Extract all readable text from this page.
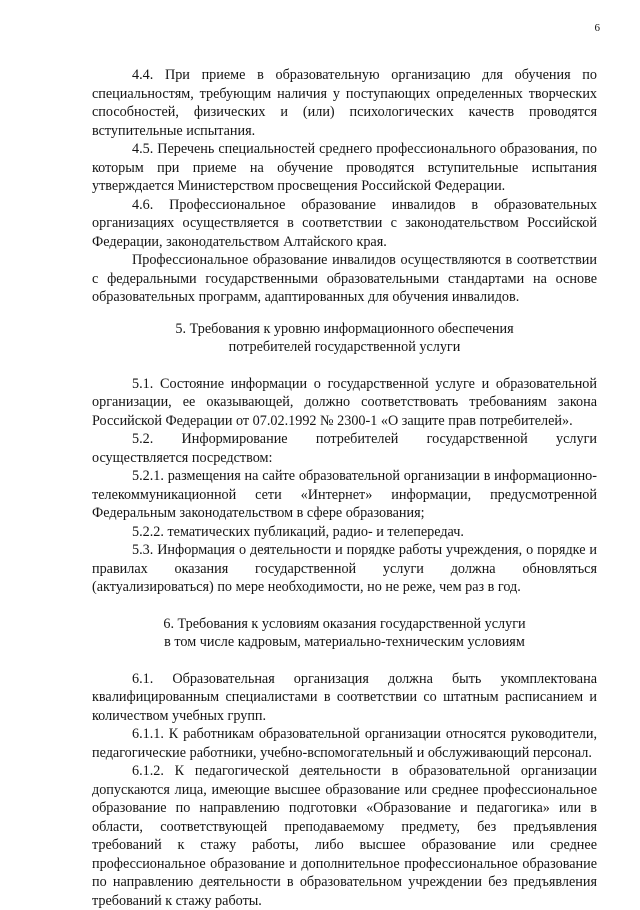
6

4.4. При приеме в образовательную организацию для обучения по специальностям, требующим наличия у поступающих определенных творческих способностей, физических и (или) психологических качеств проводятся вступительные испытания.

4.5. Перечень специальностей среднего профессионального образования, по которым при приеме на обучение проводятся вступительные испытания утверждается Министерством просвещения Российской Федерации.

4.6. Профессиональное образование инвалидов в образовательных организациях осуществляется в соответствии с законодательством Российской Федерации, законодательством Алтайского края.

Профессиональное образование инвалидов осуществляются в соответствии с федеральными государственными образовательными стандартами на основе образовательных программ, адаптированных для обучения инвалидов.

5. Требования к уровню информационного обеспечения
потребителей государственной услуги

5.1. Состояние информации о государственной услуге и образовательной организации, ее оказывающей, должно соответствовать требованиям закона Российской Федерации от 07.02.1992 № 2300-1 «О защите прав потребителей».

5.2. Информирование потребителей государственной услуги осуществляется посредством:

5.2.1. размещения на сайте образовательной организации в информационно-телекоммуникационной сети «Интернет» информации, предусмотренной Федеральным законодательством в сфере образования;

5.2.2. тематических публикаций, радио- и телепередач.

5.3. Информация о деятельности и порядке работы учреждения, о порядке и правилах оказания государственной услуги должна обновляться (актуализироваться) по мере необходимости, но не реже, чем раз в год.

6. Требования к условиям оказания государственной услуги
в том числе кадровым, материально-техническим условиям

6.1. Образовательная организация должна быть укомплектована квалифицированным специалистами в соответствии со штатным расписанием и количеством учебных групп.

6.1.1. К работникам образовательной организации относятся руководители, педагогические работники, учебно-вспомогательный и обслуживающий персонал.

6.1.2. К педагогической деятельности в образовательной организации допускаются лица, имеющие высшее образование или среднее профессиональное образование по направлению подготовки «Образование и педагогика» или в области, соответствующей преподаваемому предмету, без предъявления требований к стажу работы, либо высшее образование или среднее профессиональное образование и дополнительное профессиональное образование по направлению деятельности в образовательном учреждении без предъявления требований к стажу работы.
